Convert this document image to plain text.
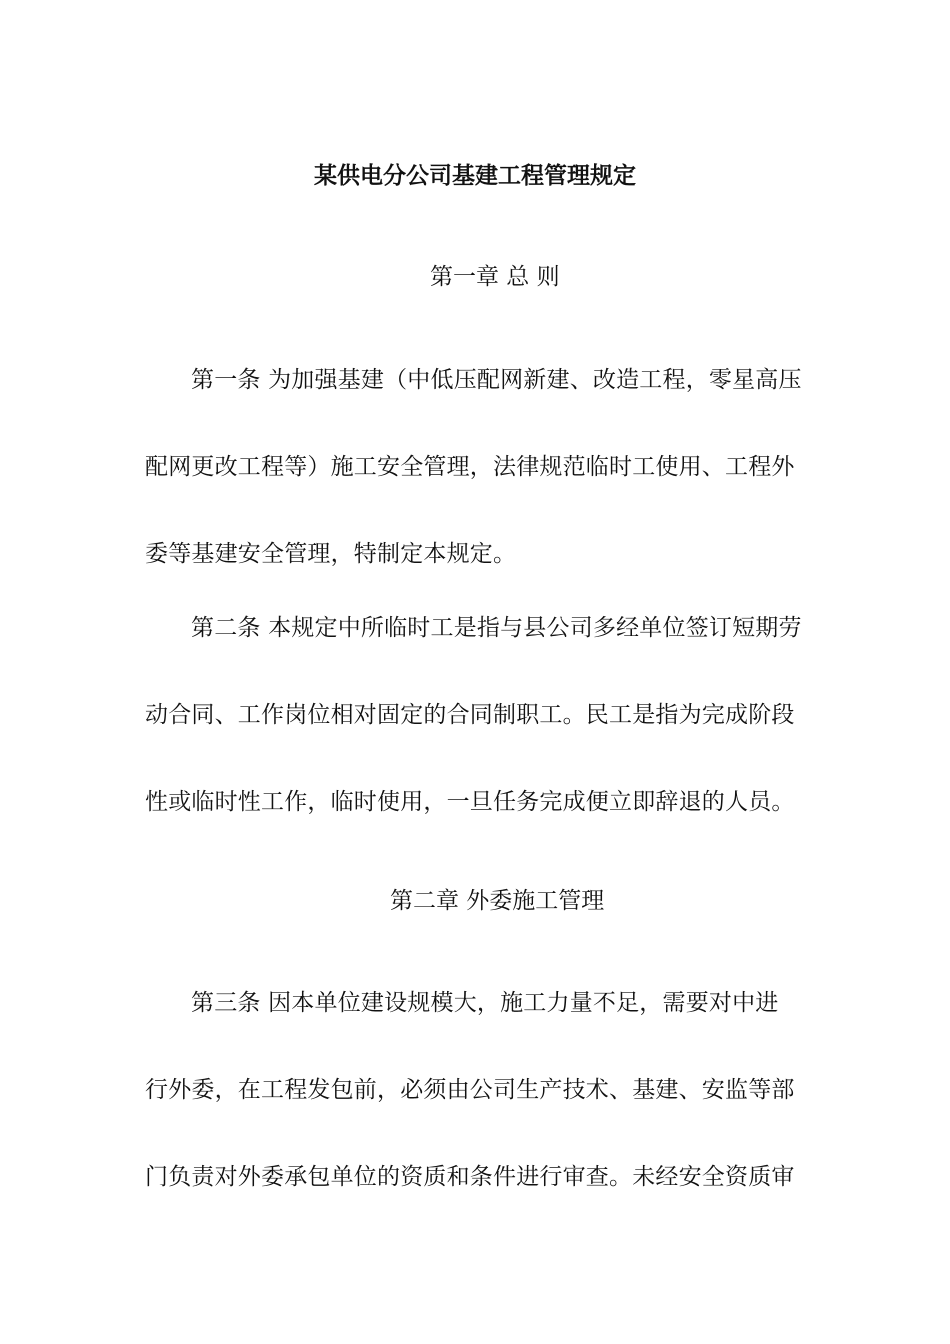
某供电分公司基建工程管理规定
第一章 总 则
第一条 为加强基建（中低压配网新建、改造工程，零星高压
配网更改工程等）施工安全管理，法律规范临时工使用、工程外
委等基建安全管理，特制定本规定。
第二条 本规定中所临时工是指与县公司多经单位签订短期劳
动合同、工作岗位相对固定的合同制职工。民工是指为完成阶段
性或临时性工作，临时使用，一旦任务完成便立即辞退的人员。
第二章 外委施工管理
第三条 因本单位建设规模大，施工力量不足，需要对中进
行外委，在工程发包前，必须由公司生产技术、基建、安监等部
门负责对外委承包单位的资质和条件进行审查。未经安全资质审
